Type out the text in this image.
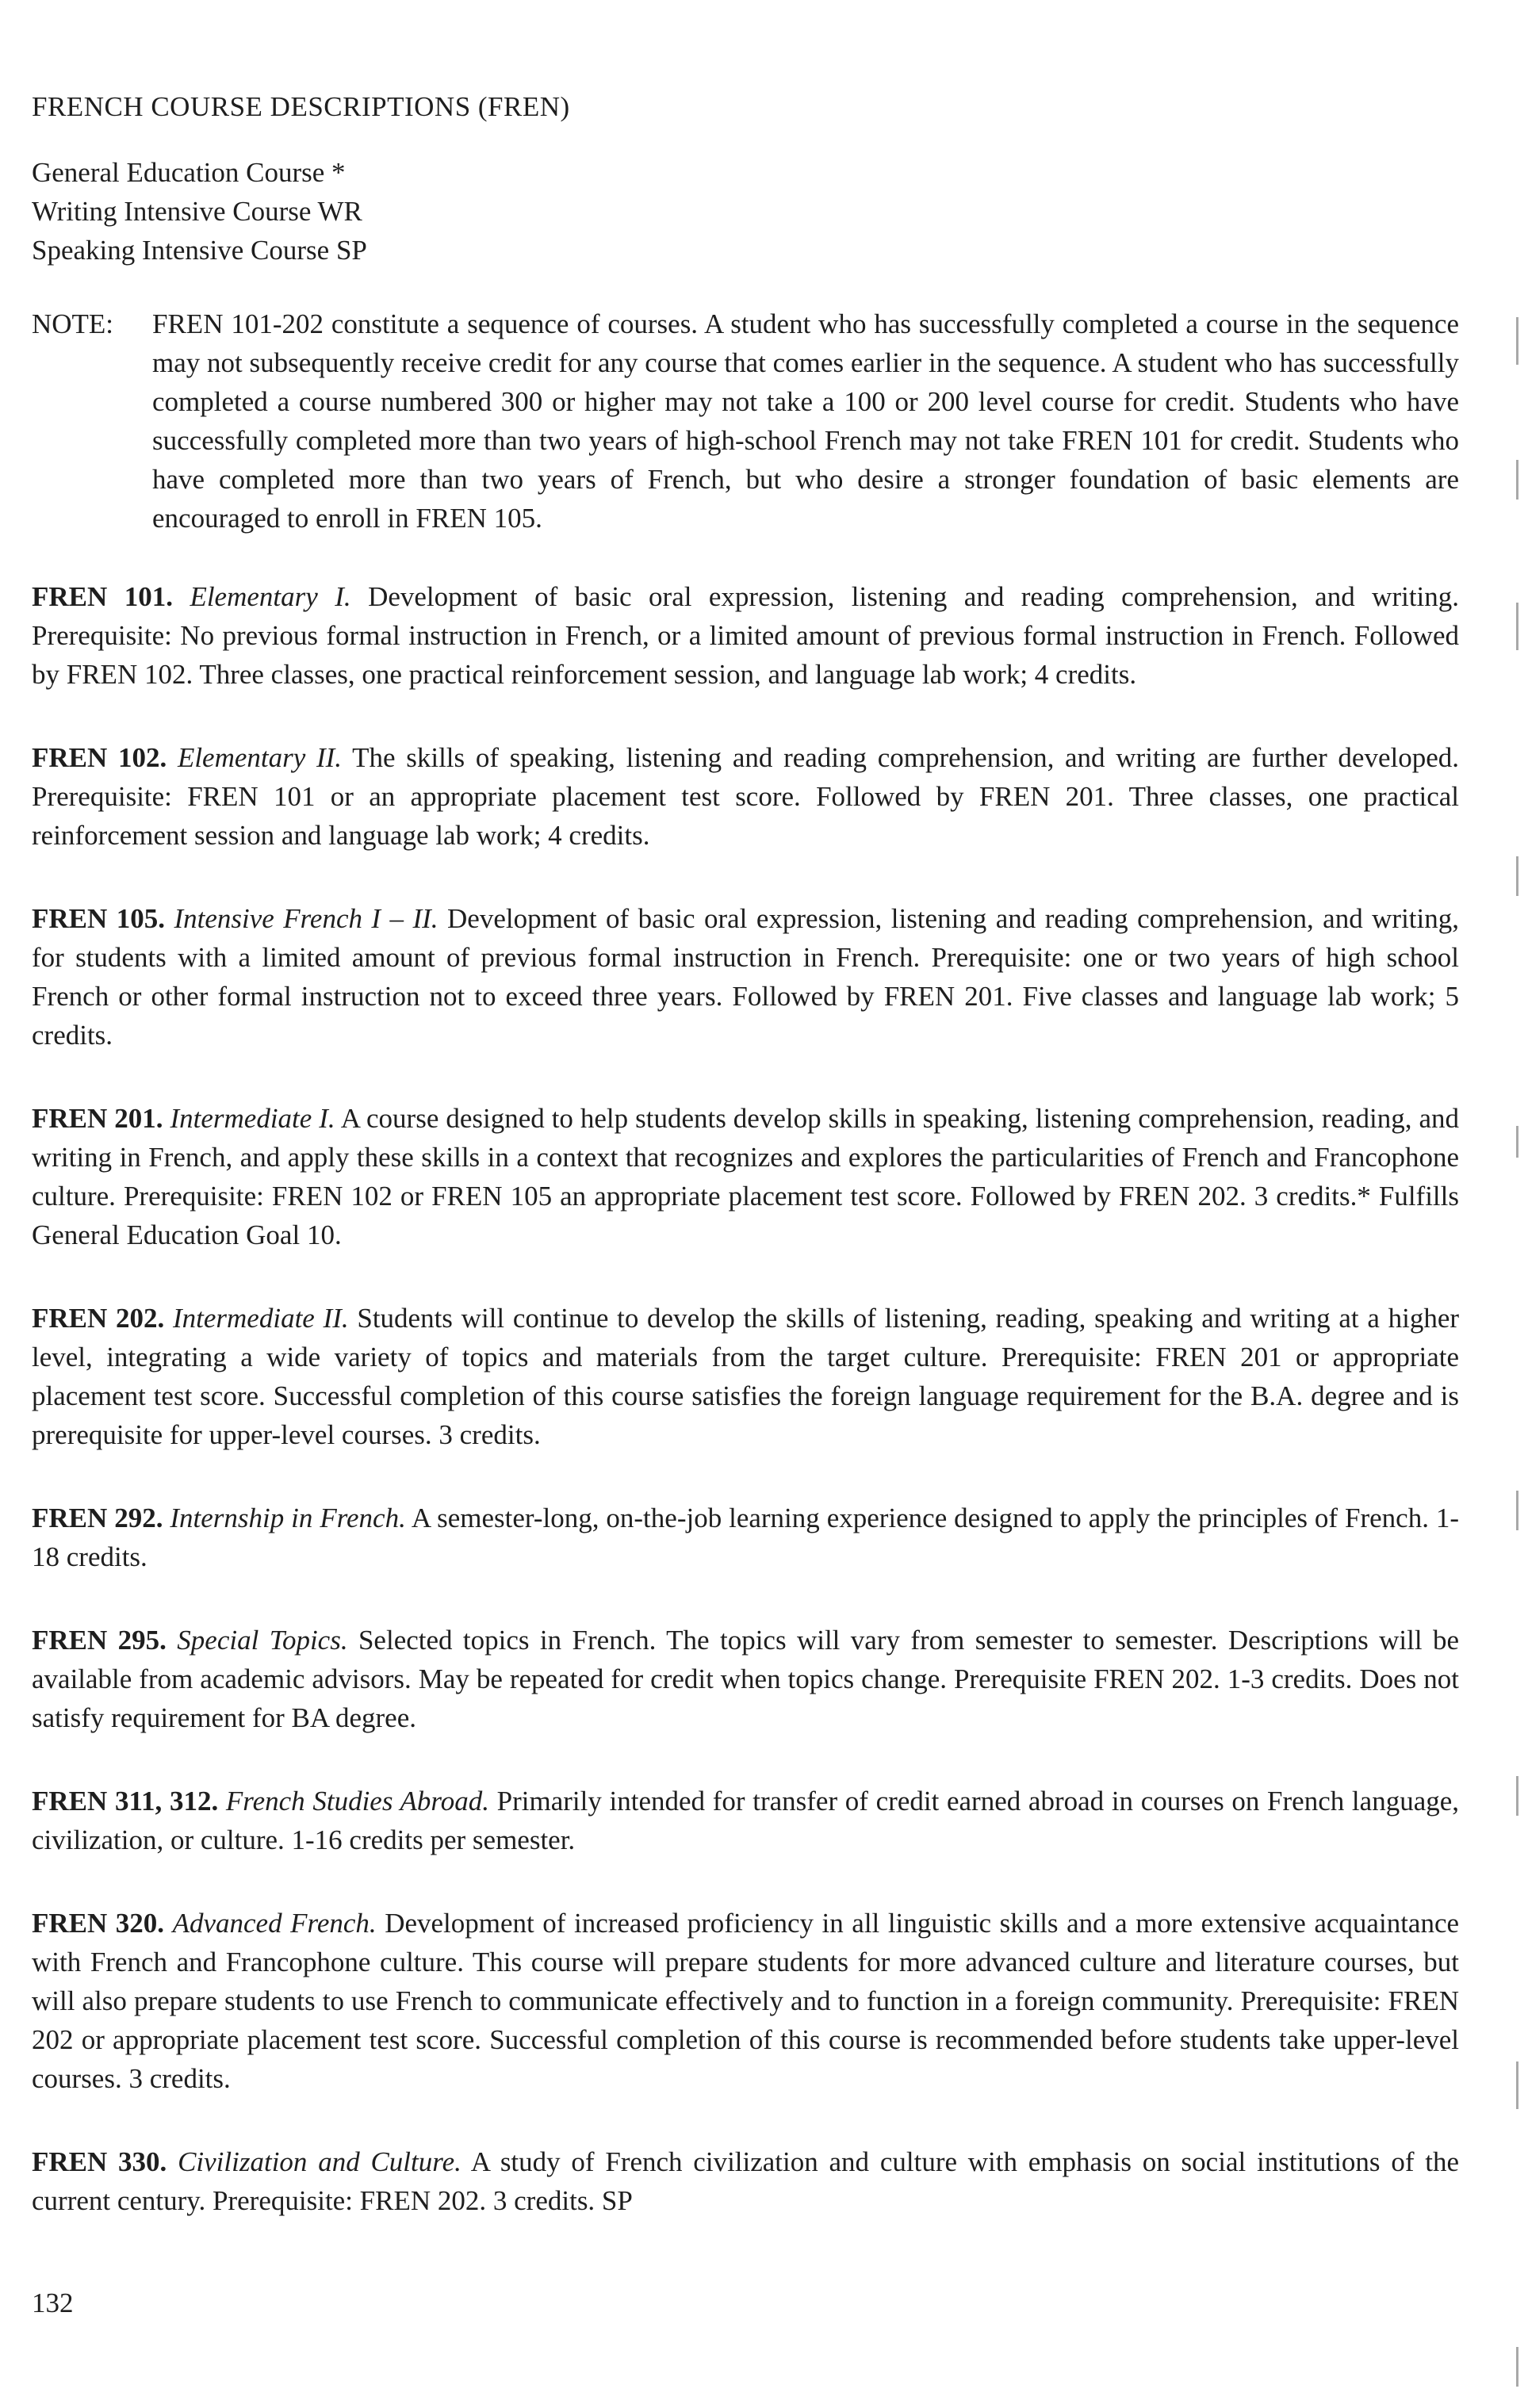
FRENCH COURSE DESCRIPTIONS (FREN)

General Education Course *

Writing Intensive Course WR

Speaking Intensive Course SP

NOTE:	FREN 101-202 constitute a sequence of courses. A student who has successfully completed a course in the sequence may not subsequently receive credit for any course that comes earlier in the sequence. A student who has successfully completed a course numbered 300 or higher may not take a 100 or 200 level course for credit. Students who have successfully completed more than two years of high-school French may not take FREN 101 for credit. Students who have completed more than two years of French, but who desire a stronger foundation of basic elements are encouraged to enroll in FREN 105.

FREN 101. Elementary I. Development of basic oral expression, listening and reading comprehension, and writing. Prerequisite: No previous formal instruction in French, or a limited amount of previous formal instruction in French. Followed by FREN 102. Three classes, one practical reinforcement session, and language lab work; 4 credits.

FREN 102. Elementary II. The skills of speaking, listening and reading comprehension, and writing are further developed. Prerequisite: FREN 101 or an appropriate placement test score. Followed by FREN 201. Three classes, one practical reinforcement session and language lab work; 4 credits.

FREN 105. Intensive French I – II. Development of basic oral expression, listening and reading comprehension, and writing, for students with a limited amount of previous formal instruction in French. Prerequisite: one or two years of high school French or other formal instruction not to exceed three years. Followed by FREN 201. Five classes and language lab work; 5 credits.

FREN 201. Intermediate I. A course designed to help students develop skills in speaking, listening comprehension, reading, and writing in French, and apply these skills in a context that recognizes and explores the particularities of French and Francophone culture. Prerequisite: FREN 102 or FREN 105 an appropriate placement test score. Followed by FREN 202. 3 credits.* Fulfills General Education Goal 10.

FREN 202. Intermediate II. Students will continue to develop the skills of listening, reading, speaking and writing at a higher level, integrating a wide variety of topics and materials from the target culture. Prerequisite: FREN 201 or appropriate placement test score. Successful completion of this course satisfies the foreign language requirement for the B.A. degree and is prerequisite for upper-level courses. 3 credits.

FREN 292. Internship in French. A semester-long, on-the-job learning experience designed to apply the principles of French. 1-18 credits.

FREN 295. Special Topics. Selected topics in French. The topics will vary from semester to semester. Descriptions will be available from academic advisors. May be repeated for credit when topics change. Prerequisite FREN 202. 1-3 credits. Does not satisfy requirement for BA degree.

FREN 311, 312. French Studies Abroad. Primarily intended for transfer of credit earned abroad in courses on French language, civilization, or culture. 1-16 credits per semester.

FREN 320. Advanced French. Development of increased proficiency in all linguistic skills and a more extensive acquaintance with French and Francophone culture. This course will prepare students for more advanced culture and literature courses, but will also prepare students to use French to communicate effectively and to function in a foreign community. Prerequisite: FREN 202 or appropriate placement test score. Successful completion of this course is recommended before students take upper-level courses. 3 credits.

FREN 330. Civilization and Culture. A study of French civilization and culture with emphasis on social institutions of the current century. Prerequisite: FREN 202. 3 credits. SP

132
